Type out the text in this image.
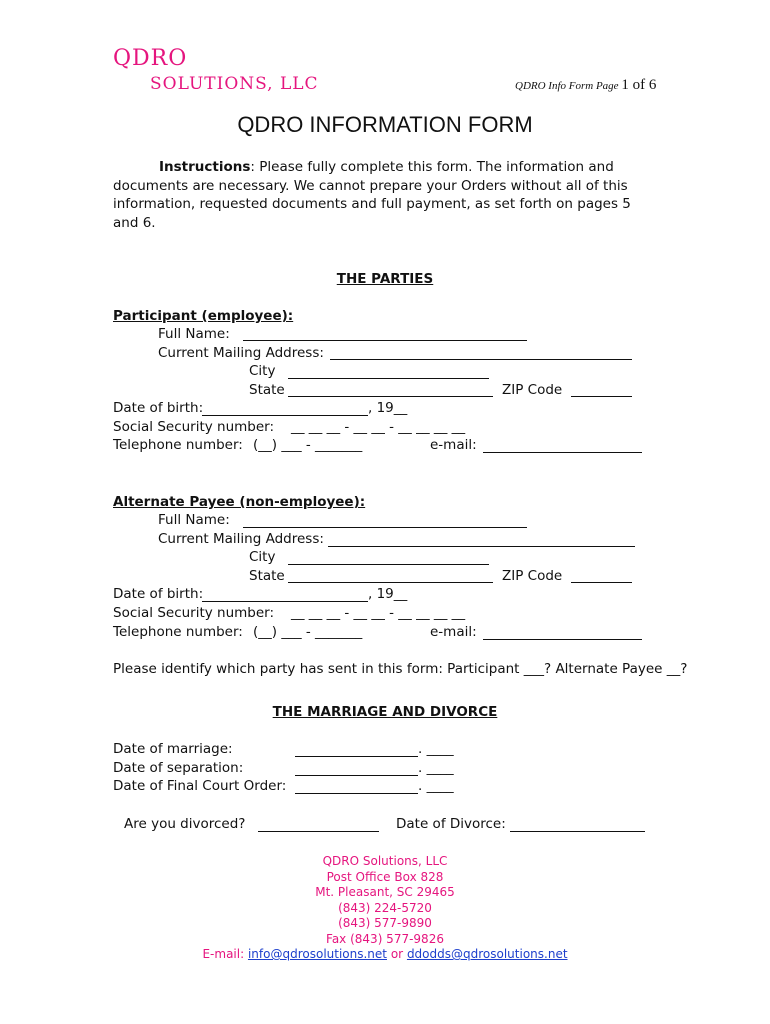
QDRO
SOLUTIONS, LLC	QDRO Info Form Page 1 of 6
QDRO INFORMATION FORM
Instructions: Please fully complete this form. The information and documents are necessary. We cannot prepare your Orders without all of this information, requested documents and full payment, as set forth on pages 5 and 6.
THE PARTIES
Participant (employee):
Full Name:
Current Mailing Address:
City
State	ZIP Code
Date of birth:	, 19__
Social Security number: __ __ __ - __ __ - __ __ __ __
Telephone number: (__) ___ - _______	e-mail:
Alternate Payee (non-employee):
Full Name:
Current Mailing Address:
City
State	ZIP Code
Date of birth:	, 19__
Social Security number: __ __ __ - __ __ - __ __ __ __
Telephone number: (__) ___ - _______	e-mail:
Please identify which party has sent in this form: Participant ___? Alternate Payee __?
THE MARRIAGE AND DIVORCE
Date of marriage:	. ____
Date of separation:	. ____
Date of Final Court Order:	. ____
Are you divorced?	Date of Divorce:
QDRO Solutions, LLC
Post Office Box 828
Mt. Pleasant, SC 29465
(843) 224-5720
(843) 577-9890
Fax (843) 577-9826
E-mail: info@qdrosolutions.net or ddodds@qdrosolutions.net
